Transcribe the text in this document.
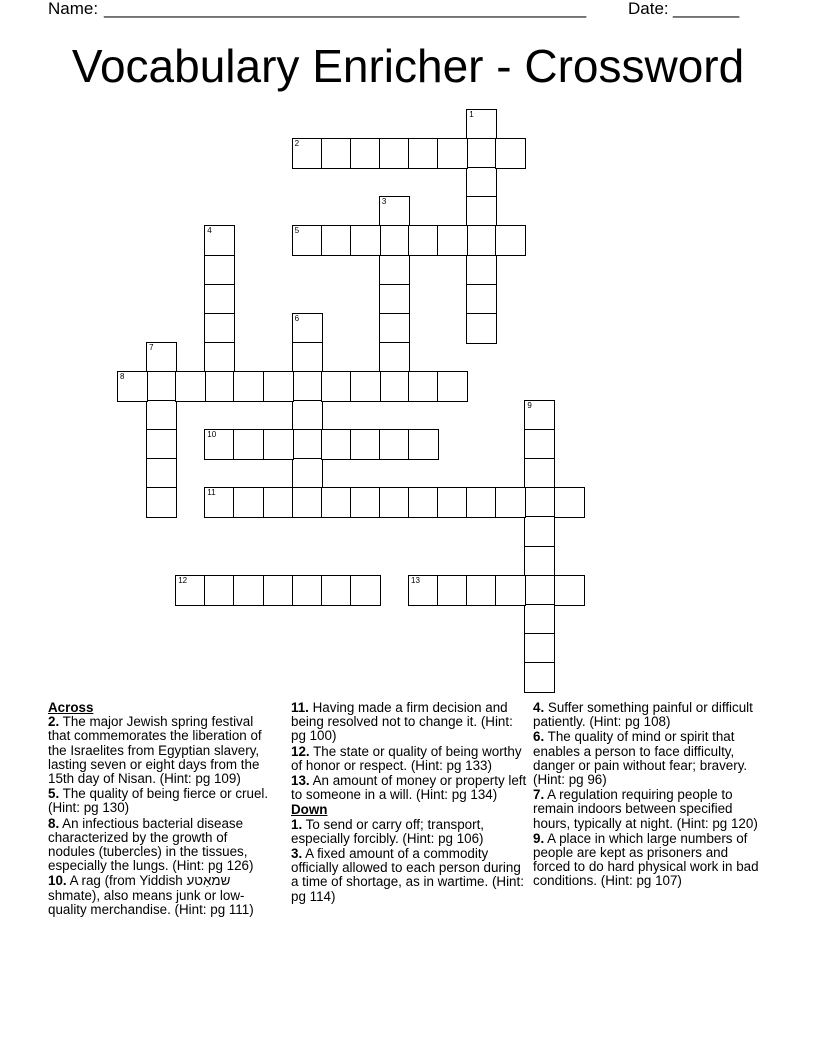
Name: ___________________________________________________ Date: _______
Vocabulary Enricher - Crossword
1
2
3
4	5
6
7
8
9
10
11
12	13
Across
2. The major Jewish spring festival that commemorates the liberation of the Israelites from Egyptian slavery, lasting seven or eight days from the 15th day of Nisan. (Hint: pg 109)
5. The quality of being fierce or cruel. (Hint: pg 130)
8. An infectious bacterial disease characterized by the growth of nodules (tubercles) in the tissues, especially the lungs. (Hint: pg 126)
10. A rag (from Yiddish שמאַטע shmate), also means junk or low-quality merchandise. (Hint: pg 111)
11. Having made a firm decision and being resolved not to change it. (Hint: pg 100)
12. The state or quality of being worthy of honor or respect. (Hint: pg 133)
13. An amount of money or property left to someone in a will. (Hint: pg 134)
Down
1. To send or carry off; transport, especially forcibly. (Hint: pg 106)
3. A fixed amount of a commodity officially allowed to each person during a time of shortage, as in wartime. (Hint: pg 114)
4. Suffer something painful or difficult patiently. (Hint: pg 108)
6. The quality of mind or spirit that enables a person to face difficulty, danger or pain without fear; bravery. (Hint: pg 96)
7. A regulation requiring people to remain indoors between specified hours, typically at night. (Hint: pg 120)
9. A place in which large numbers of people are kept as prisoners and forced to do hard physical work in bad conditions. (Hint: pg 107)
